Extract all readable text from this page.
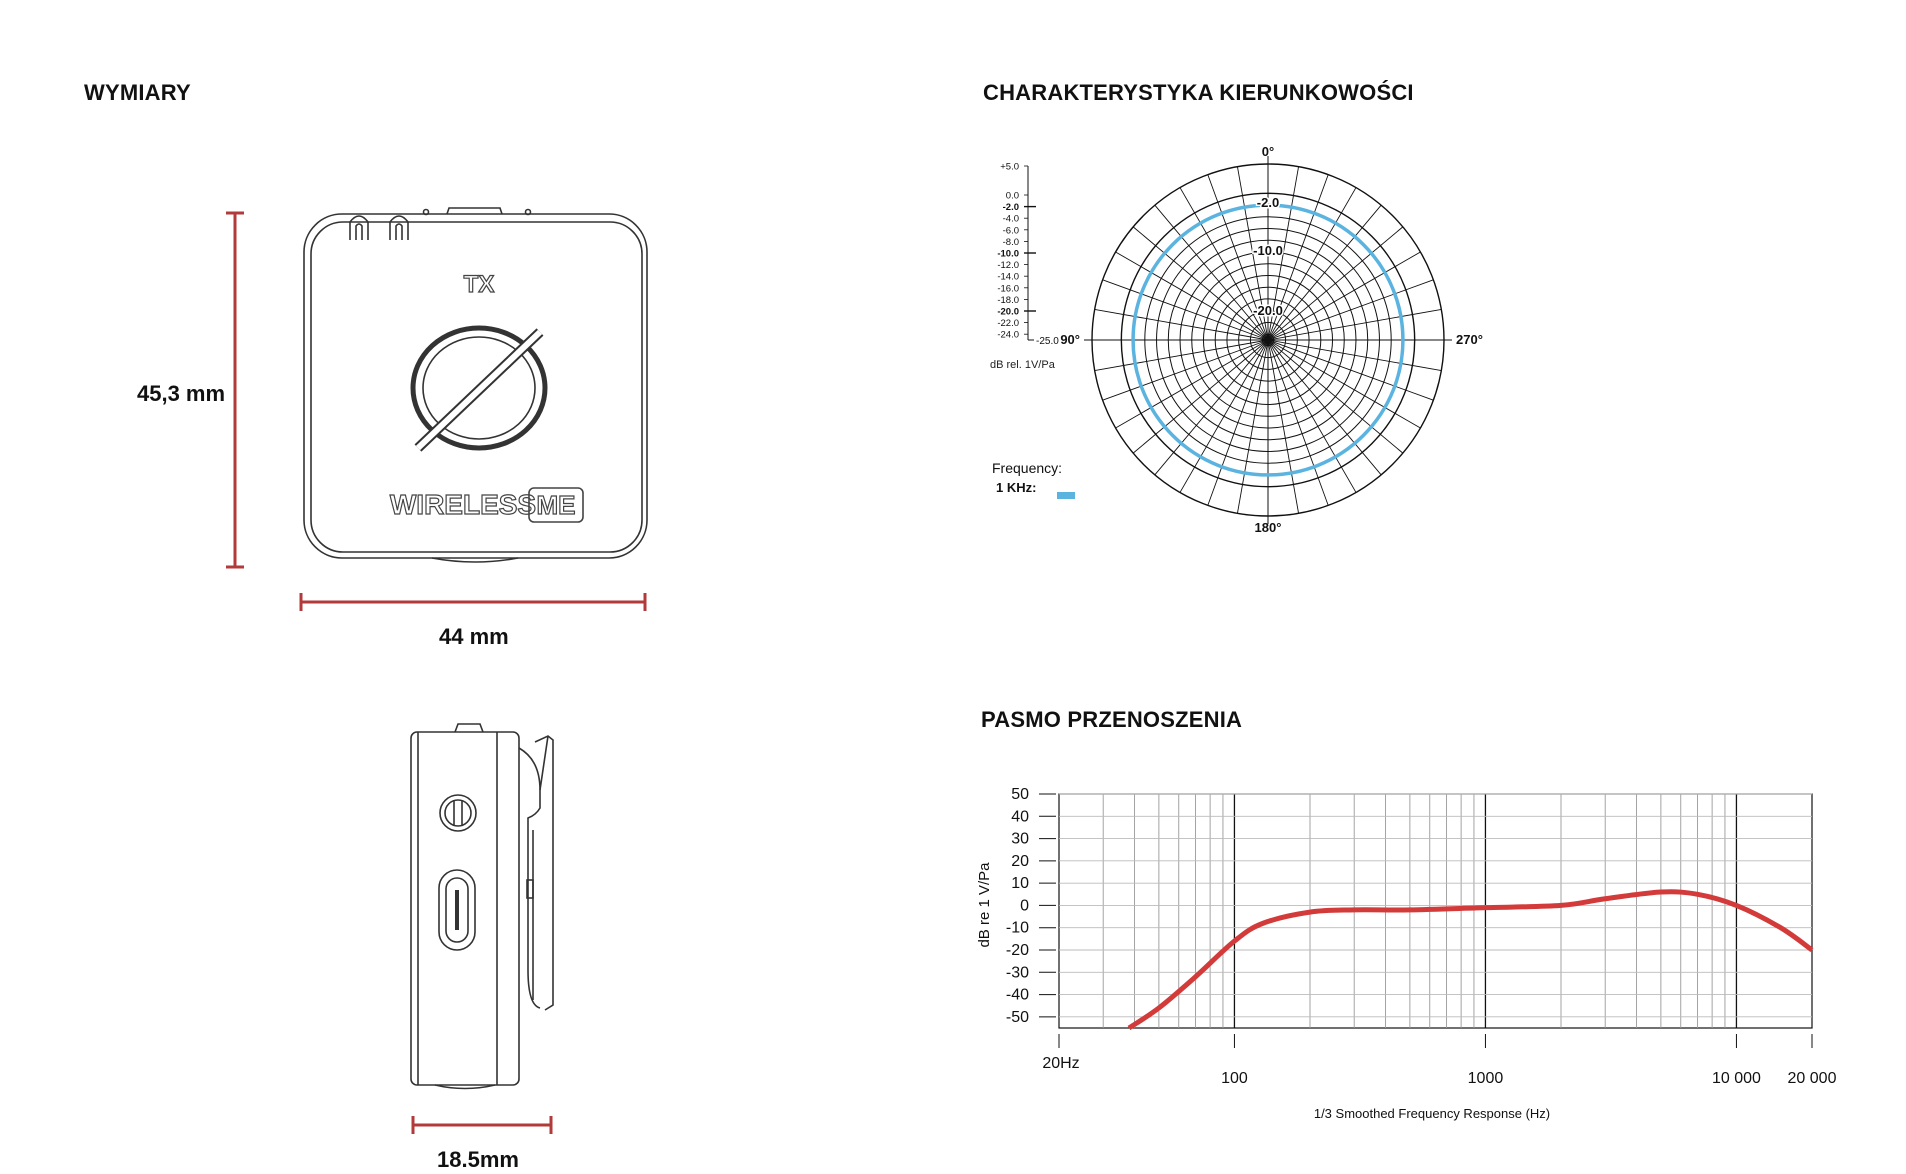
WYMIARY	CHARAKTERYSTYKA KIERUNKOWOŚCI
PASMO PRZENOSZENIA
TX
WIRELESS ME
45,3 mm
44 mm
18.5mm
+5.0
0.0
-2.0
-4.0
-6.0
-8.0
-10.0
-12.0
-14.0
-16.0
-18.0
-20.0
-22.0
-24.0
-25.0
0°
90°	270°
180°
-2.0
-10.0
-20.0
dB rel. 1V/Pa
Frequency:
1 KHz:
50
40
30
20
10
0
-10
-20
-30
-40
-50
20Hz
100	1000	10 000 20 000
dB re 1 V/Pa
1/3 Smoothed Frequency Response (Hz)
